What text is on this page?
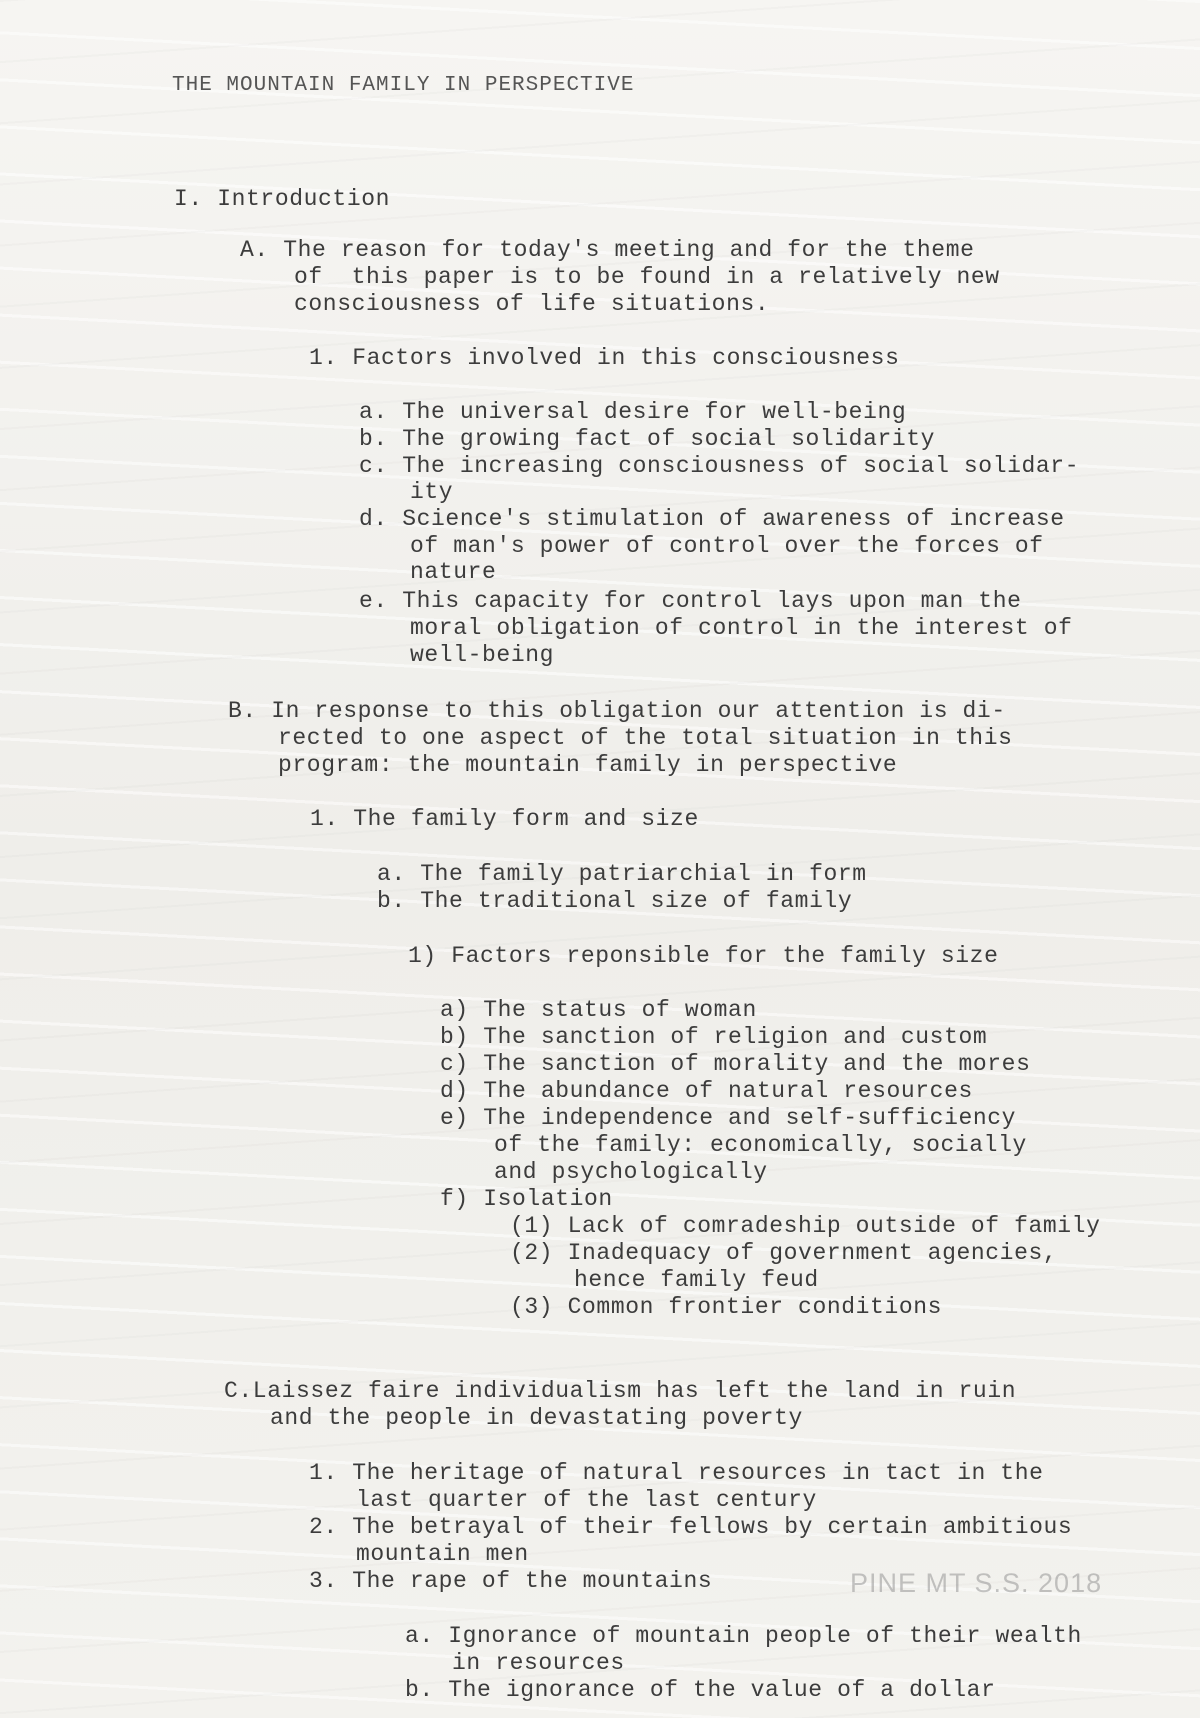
THE MOUNTAIN FAMILY IN PERSPECTIVE

I. Introduction

A. The reason for today's meeting and for the theme

of  this paper is to be found in a relatively new

consciousness of life situations.

1. Factors involved in this consciousness

a. The universal desire for well-being

b. The growing fact of social solidarity

c. The increasing consciousness of social solidar-

ity

d. Science's stimulation of awareness of increase

of man's power of control over the forces of

nature

e. This capacity for control lays upon man the

moral obligation of control in the interest of

well-being

B. In response to this obligation our attention is di-

rected to one aspect of the total situation in this

program: the mountain family in perspective

1. The family form and size

a. The family patriarchial in form

b. The traditional size of family

1) Factors reponsible for the family size

a) The status of woman

b) The sanction of religion and custom

c) The sanction of morality and the mores

d) The abundance of natural resources

e) The independence and self-sufficiency

of the family: economically, socially

and psychologically

f) Isolation

(1) Lack of comradeship outside of family

(2) Inadequacy of government agencies,

hence family feud

(3) Common frontier conditions

C.Laissez faire individualism has left the land in ruin

and the people in devastating poverty

1. The heritage of natural resources in tact in the

last quarter of the last century

2. The betrayal of their fellows by certain ambitious

mountain men

3. The rape of the mountains

a. Ignorance of mountain people of their wealth

in resources

b. The ignorance of the value of a dollar

PINE MT S.S. 2018
